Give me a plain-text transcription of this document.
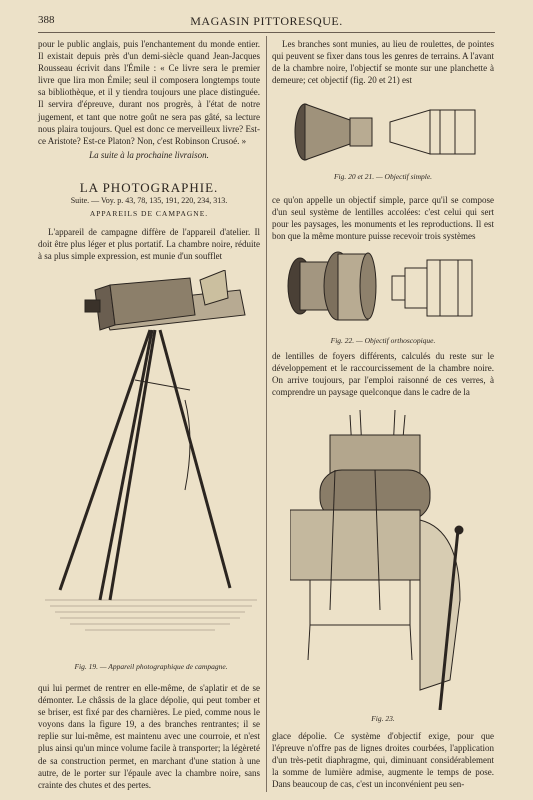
388	MAGASIN PITTORESQUE.

pour le public anglais, puis l'enchantement du monde entier. Il existait depuis près d'un demi-siècle quand Jean-Jacques Rousseau écrivit dans l'Émile : « Ce livre sera le premier livre que lira mon Émile; seul il composera longtemps toute sa bibliothèque, et il y tiendra toujours une place distinguée. Il servira d'épreuve, durant nos progrès, à l'état de notre jugement, et tant que notre goût ne sera pas gâté, sa lecture nous plaira toujours. Quel est donc ce merveilleux livre? Est-ce Aristote? Est-ce Platon? Non, c'est Robinson Crusoé. »

La suite à la prochaine livraison.
LA PHOTOGRAPHIE.
Suite. — Voy. p. 43, 78, 135, 191, 220, 234, 313.
APPAREILS DE CAMPAGNE.

L'appareil de campagne diffère de l'appareil d'atelier. Il doit être plus léger et plus portatif. La chambre noire, réduite à sa plus simple expression, est munie d'un soufflet

Fig. 19. — Appareil photographique de campagne.

qui lui permet de rentrer en elle-même, de s'aplatir et de se démonter. Le châssis de la glace dépolie, qui peut tomber et se briser, est fixé par des charnières. Le pied, comme nous le voyons dans la figure 19, a des branches rentrantes; il se replie sur lui-même, est maintenu avec une courroie, et n'est plus ainsi qu'un mince volume facile à transporter; la légèreté de sa construction permet, en marchant d'une station à une autre, de le porter sur l'épaule avec la chambre noire, sans crainte des chutes et des pertes.

Les branches sont munies, au lieu de roulettes, de pointes qui peuvent se fixer dans tous les genres de terrains. A l'avant de la chambre noire, l'objectif se monte sur une planchette à demeure; cet objectif (fig. 20 et 21) est

Fig. 20 et 21. — Objectif simple.

ce qu'on appelle un objectif simple, parce qu'il se compose d'un seul système de lentilles accolées: c'est celui qui sert pour les paysages, les monuments et les reproductions. Il est bon que la même monture puisse recevoir trois systèmes

Fig. 22. — Objectif orthoscopique.

de lentilles de foyers différents, calculés du reste sur le développement et le raccourcissement de la chambre noire. On arrive toujours, par l'emploi raisonné de ces verres, à comprendre un paysage quelconque dans le cadre de la

Fig. 23.

glace dépolie. Ce système d'objectif exige, pour que l'épreuve n'offre pas de lignes droites courbées, l'application d'un très-petit diaphragme, qui, diminuant considérablement la somme de lumière admise, augmente le temps de pose. Dans beaucoup de cas, c'est un inconvénient peu sen-
